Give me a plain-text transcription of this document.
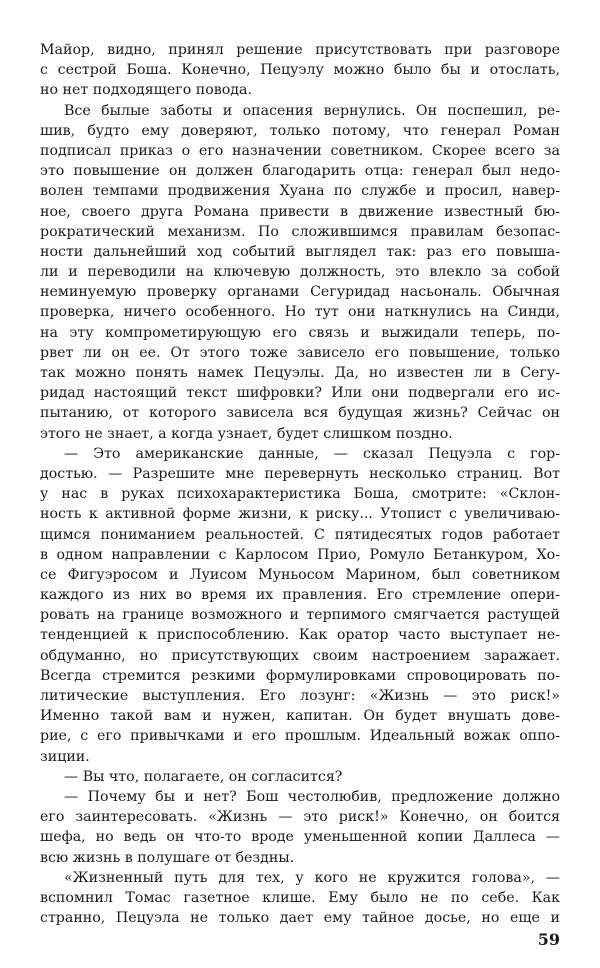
Майор, видно, принял решение присутствовать при разговоре
с сестрой Боша. Конечно, Пецуэлу можно было бы и отослать,
но нет подходящего повода.
Все былые заботы и опасения вернулись. Он поспешил, ре-
шив, будто ему доверяют, только потому, что генерал Роман
подписал приказ о его назначении советником. Скорее всего за
это повышение он должен благодарить отца: генерал был недо-
волен темпами продвижения Хуана по службе и просил, навер-
ное, своего друга Романа привести в движение известный бю-
рократический механизм. По сложившимся правилам безопас-
ности дальнейший ход событий выглядел так: раз его повыша-
ли и переводили на ключевую должность, это влекло за собой
неминуемую проверку органами Сегуридад насьональ. Обычная
проверка, ничего особенного. Но тут они наткнулись на Синди,
на эту компрометирующую его связь и выжидали теперь, по-
рвет ли он ее. От этого тоже зависело его повышение, только
так можно понять намек Пецуэлы. Да, но известен ли в Сегу-
ридад настоящий текст шифровки? Или они подвергали его ис-
пытанию, от которого зависела вся будущая жизнь? Сейчас он
этого не знает, а когда узнает, будет слишком поздно.
— Это американские данные, — сказал Пецуэла с гор-
достью. — Разрешите мне перевернуть несколько страниц. Вот
у нас в руках психохарактеристика Боша, смотрите: «Склон-
ность к активной форме жизни, к риску... Утопист с увеличиваю-
щимся пониманием реальностей. С пятидесятых годов работает
в одном направлении с Карлосом Прио, Ромуло Бетанкуром, Хо-
се Фигуэросом и Луисом Муньосом Марином, был советником
каждого из них во время их правления. Его стремление опери-
ровать на границе возможного и терпимого смягчается растущей
тенденцией к приспособлению. Как оратор часто выступает не-
обдуманно, но присутствующих своим настроением заражает.
Всегда стремится резкими формулировками спровоцировать по-
литические выступления. Его лозунг: «Жизнь — это риск!»
Именно такой вам и нужен, капитан. Он будет внушать дове-
рие, с его привычками и его прошлым. Идеальный вожак оппо-
зиции.
— Вы что, полагаете, он согласится?
— Почему бы и нет? Бош честолюбив, предложение должно
его заинтересовать. «Жизнь — это риск!» Конечно, он боится
шефа, но ведь он что-то вроде уменьшенной копии Даллеса —
всю жизнь в полушаге от бездны.
«Жизненный путь для тех, у кого не кружится голова», —
вспомнил Томас газетное клише. Ему было не по себе. Как
странно, Пецуэла не только дает ему тайное досье, но еще и
59
